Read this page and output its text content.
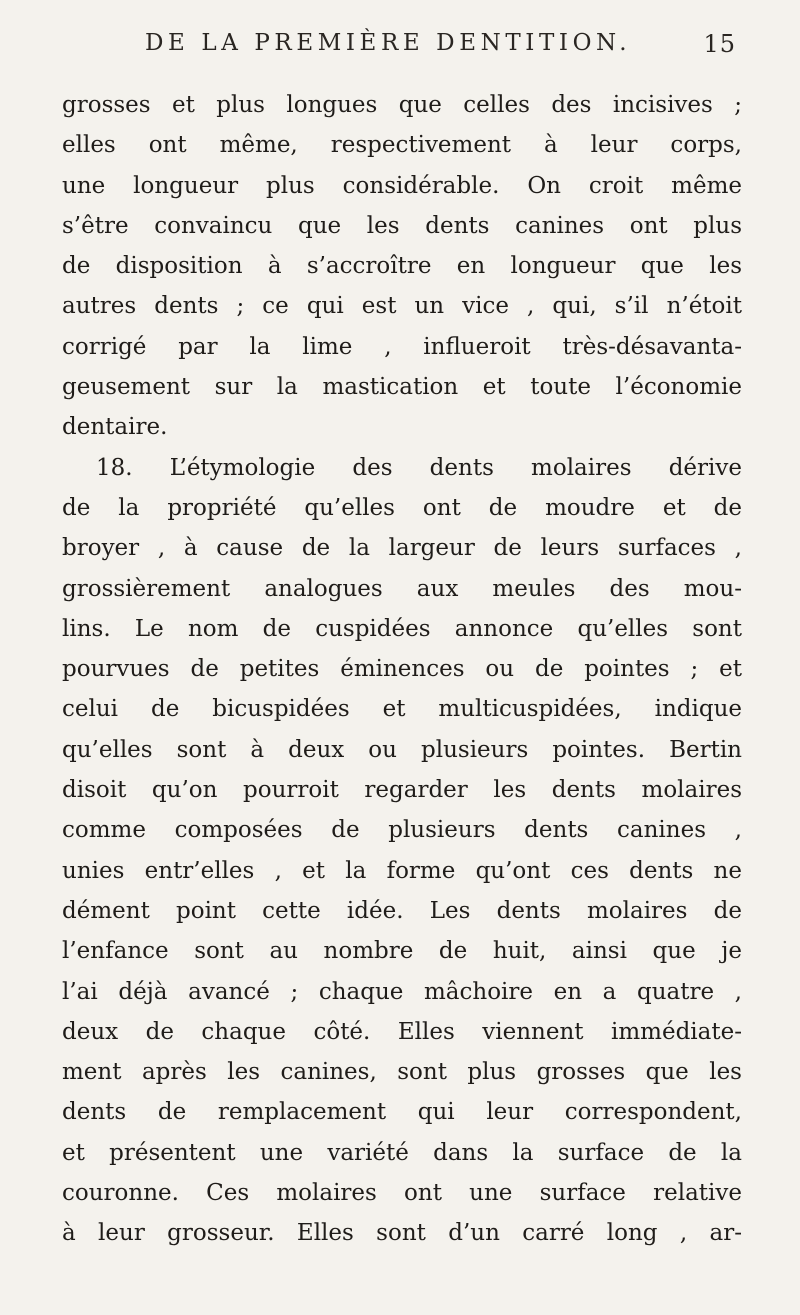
DE LA PREMIÈRE DENTITION.	15
grosses et plus longues que celles des incisives ;
elles ont même, respectivement à leur corps,
une longueur plus considérable. On croit même
s’être convaincu que les dents canines ont plus
de disposition à s’accroître en longueur que les
autres dents ; ce qui est un vice , qui, s’il n’étoit
corrigé par la lime , influeroit très-désavanta-
geusement sur la mastication et toute l’économie
dentaire.
18. L’étymologie des dents molaires dérive
de la propriété qu’elles ont de moudre et de
broyer , à cause de la largeur de leurs surfaces ,
grossièrement analogues aux meules des mou-
lins. Le nom de cuspidées annonce qu’elles sont
pourvues de petites éminences ou de pointes ; et
celui de bicuspidées et multicuspidées, indique
qu’elles sont à deux ou plusieurs pointes. Bertin
disoit qu’on pourroit regarder les dents molaires
comme composées de plusieurs dents canines ,
unies entr’elles , et la forme qu’ont ces dents ne
dément point cette idée. Les dents molaires de
l’enfance sont au nombre de huit, ainsi que je
l’ai déjà avancé ; chaque mâchoire en a quatre ,
deux de chaque côté. Elles viennent immédiate-
ment après les canines, sont plus grosses que les
dents de remplacement qui leur correspondent,
et présentent une variété dans la surface de la
couronne. Ces molaires ont une surface relative
à leur grosseur. Elles sont d’un carré long , ar-
